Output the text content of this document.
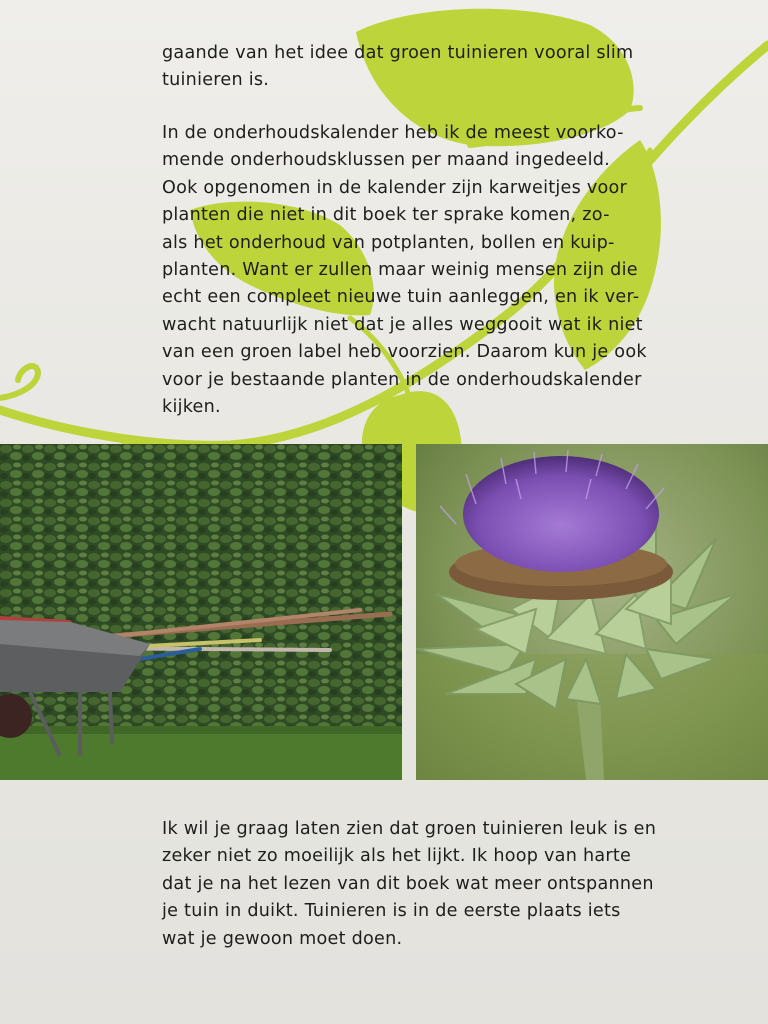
gaande van het idee dat groen tuinieren vooral slim tuinieren is.

In de onderhoudskalender heb ik de meest voorko-

mende onderhoudsklussen per maand ingedeeld.

Ook opgenomen in de kalender zijn karweitjes voor

planten die niet in dit boek ter sprake komen, zo-

als het onderhoud van potplanten, bollen en kuip-

planten. Want er zullen maar weinig mensen zijn die

echt een compleet nieuwe tuin aanleggen, en ik ver-

wacht natuurlijk niet dat je alles weggooit wat ik niet

van een groen label heb voorzien. Daarom kun je ook

voor je bestaande planten in de onderhoudskalender

kijken.

Ik wil je graag laten zien dat groen tuinieren leuk is en

zeker niet zo moeilijk als het lijkt. Ik hoop van harte

dat je na het lezen van dit boek wat meer ontspannen

je tuin in duikt. Tuinieren is in de eerste plaats iets

wat je gewoon moet doen.
